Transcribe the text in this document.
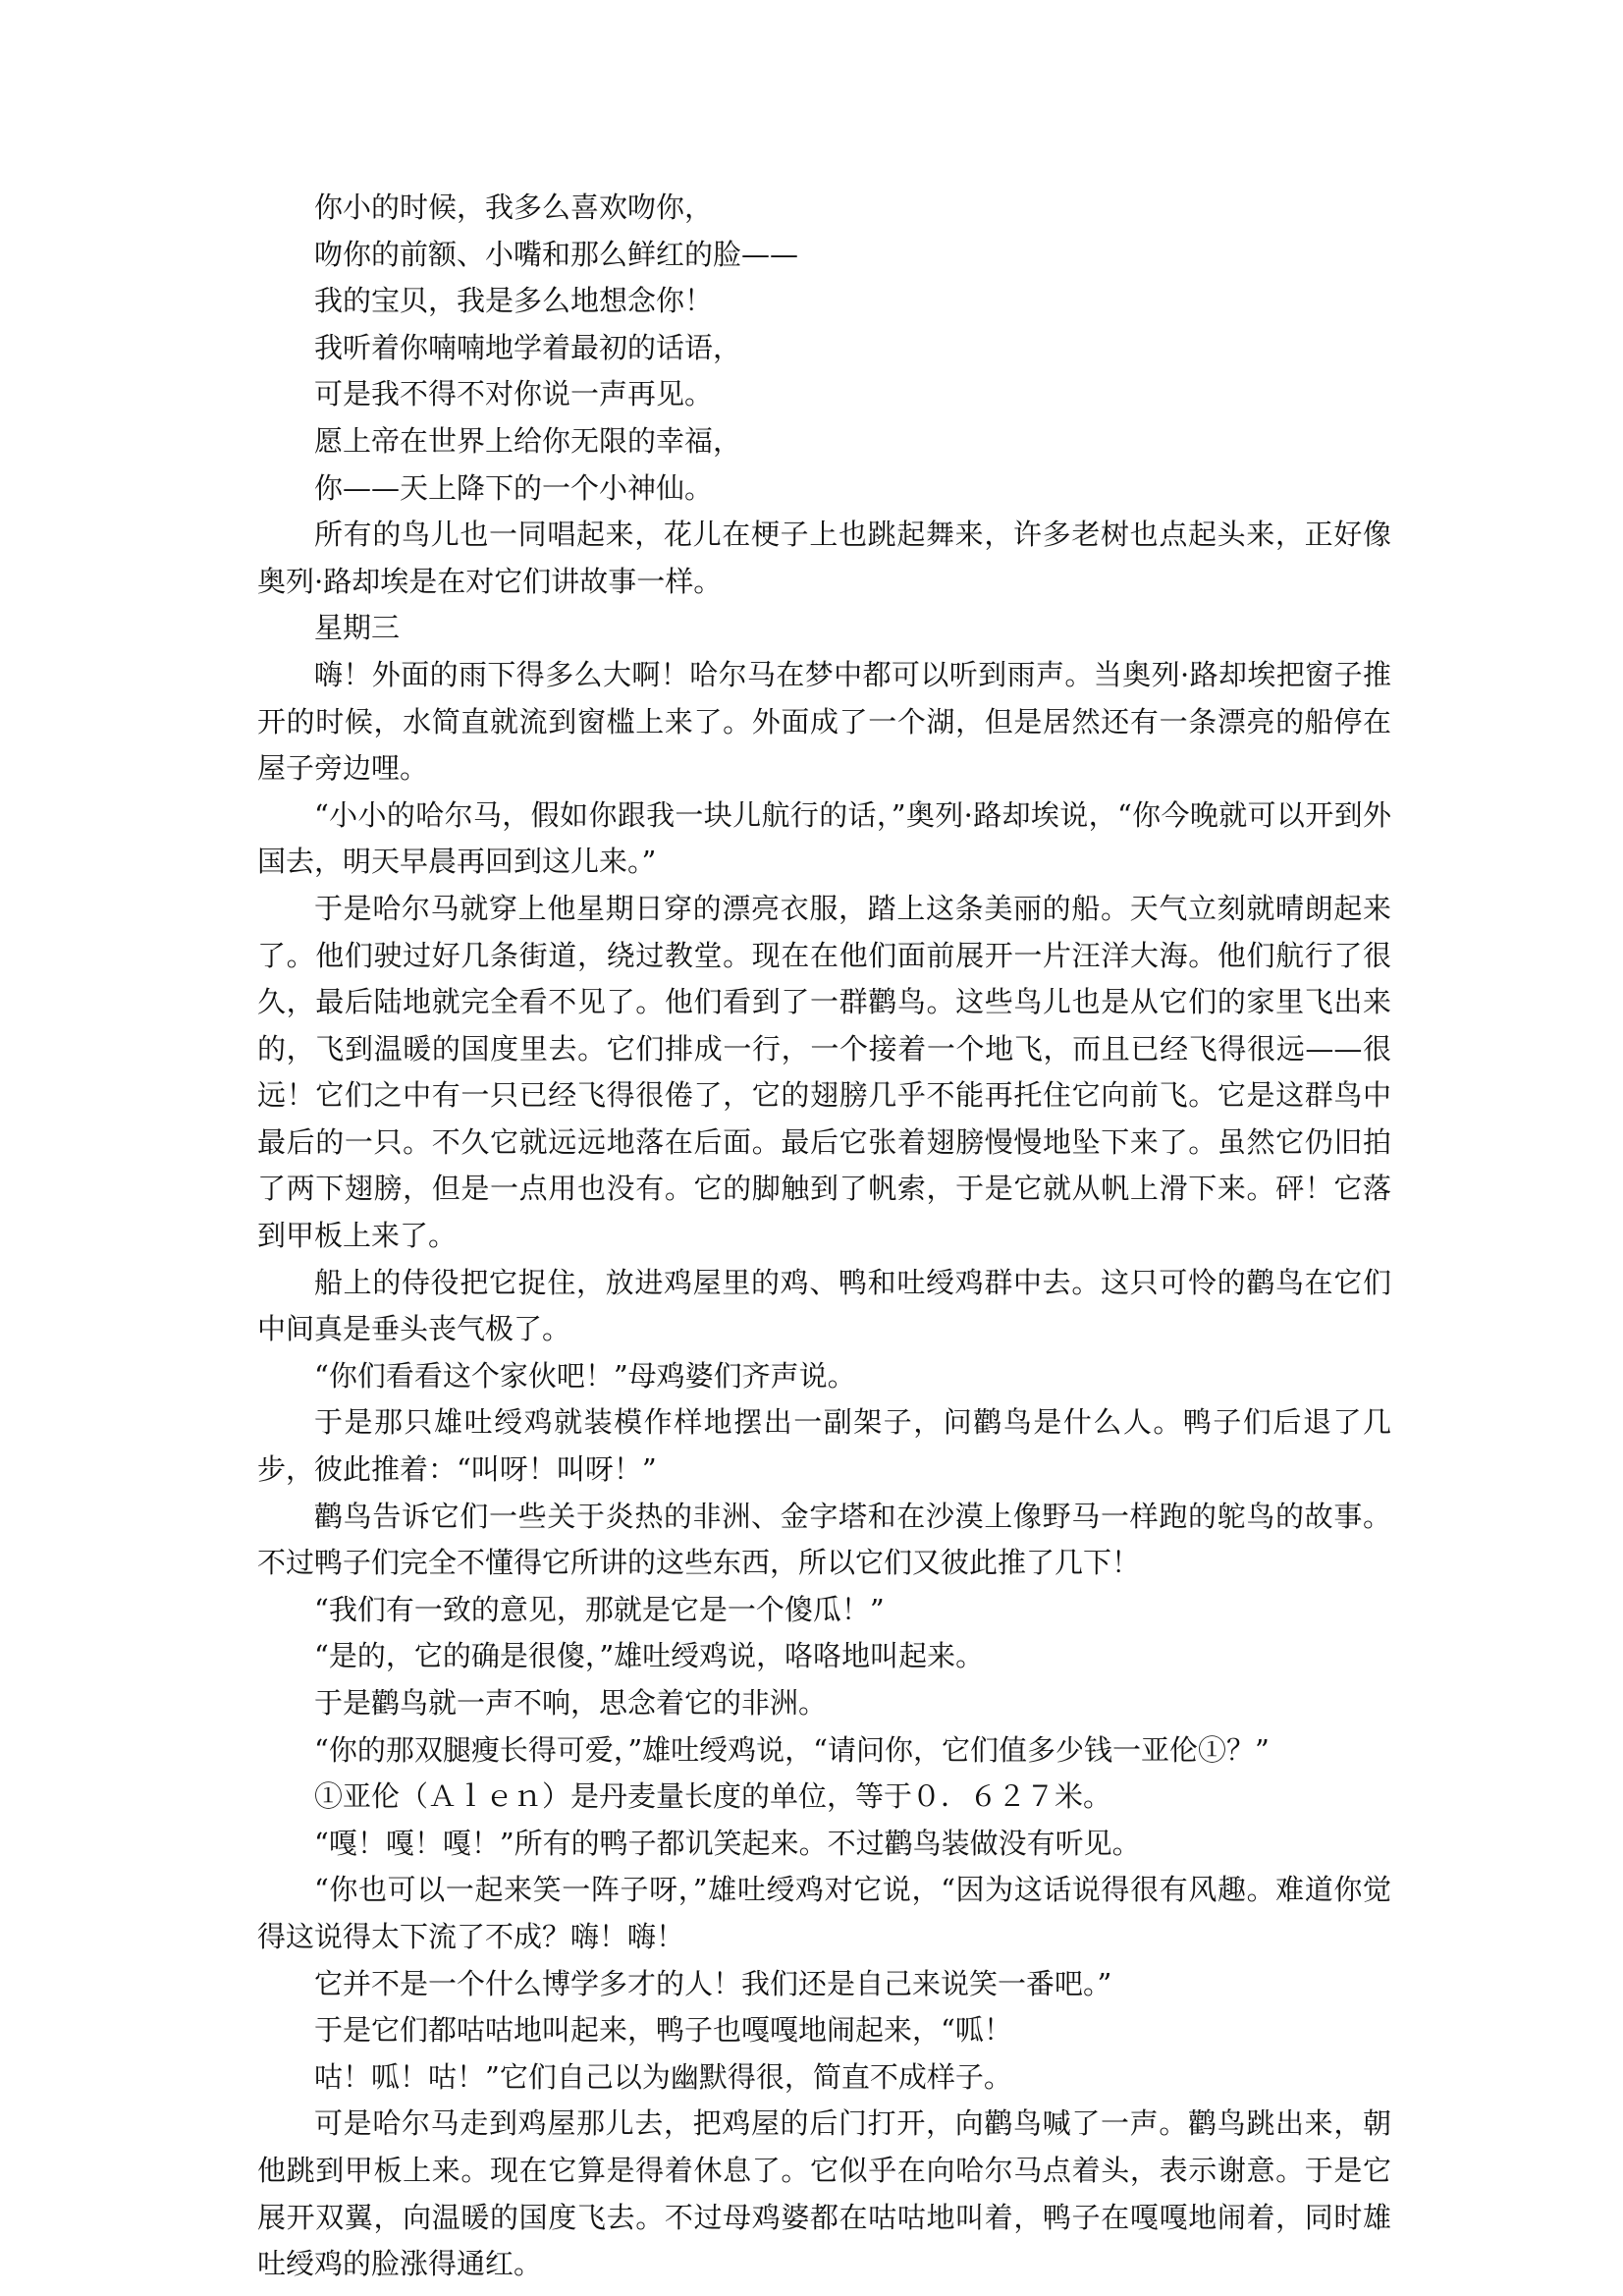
你小的时候，我多么喜欢吻你，

吻你的前额、小嘴和那么鲜红的脸——

我的宝贝，我是多么地想念你！

我听着你喃喃地学着最初的话语，

可是我不得不对你说一声再见。

愿上帝在世界上给你无限的幸福，

你——天上降下的一个小神仙。

所有的鸟儿也一同唱起来，花儿在梗子上也跳起舞来，许多老树也点起头来，正好像奥列·路却埃是在对它们讲故事一样。

星期三

嗨！外面的雨下得多么大啊！哈尔马在梦中都可以听到雨声。当奥列·路却埃把窗子推开的时候，水简直就流到窗槛上来了。外面成了一个湖，但是居然还有一条漂亮的船停在屋子旁边哩。

“小小的哈尔马，假如你跟我一块儿航行的话，”奥列·路却埃说，“你今晚就可以开到外国去，明天早晨再回到这儿来。”

于是哈尔马就穿上他星期日穿的漂亮衣服，踏上这条美丽的船。天气立刻就晴朗起来了。他们驶过好几条街道，绕过教堂。现在在他们面前展开一片汪洋大海。他们航行了很久，最后陆地就完全看不见了。他们看到了一群鹳鸟。这些鸟儿也是从它们的家里飞出来的，飞到温暖的国度里去。它们排成一行，一个接着一个地飞，而且已经飞得很远——很远！它们之中有一只已经飞得很倦了，它的翅膀几乎不能再托住它向前飞。它是这群鸟中最后的一只。不久它就远远地落在后面。最后它张着翅膀慢慢地坠下来了。虽然它仍旧拍了两下翅膀，但是一点用也没有。它的脚触到了帆索，于是它就从帆上滑下来。砰！它落到甲板上来了。

船上的侍役把它捉住，放进鸡屋里的鸡、鸭和吐绶鸡群中去。这只可怜的鹳鸟在它们中间真是垂头丧气极了。

“你们看看这个家伙吧！”母鸡婆们齐声说。

于是那只雄吐绶鸡就装模作样地摆出一副架子，问鹳鸟是什么人。鸭子们后退了几步，彼此推着：“叫呀！叫呀！”

鹳鸟告诉它们一些关于炎热的非洲、金字塔和在沙漠上像野马一样跑的鸵鸟的故事。不过鸭子们完全不懂得它所讲的这些东西，所以它们又彼此推了几下！

“我们有一致的意见，那就是它是一个傻瓜！”

“是的，它的确是很傻，”雄吐绶鸡说，咯咯地叫起来。

于是鹳鸟就一声不响，思念着它的非洲。

“你的那双腿瘦长得可爱，”雄吐绶鸡说，“请问你，它们值多少钱一亚伦①？”

①亚伦（Ａｌｅｎ）是丹麦量长度的单位，等于０．６２７米。

“嘎！嘎！嘎！”所有的鸭子都讥笑起来。不过鹳鸟装做没有听见。

“你也可以一起来笑一阵子呀，”雄吐绶鸡对它说，“因为这话说得很有风趣。难道你觉得这说得太下流了不成？嗨！嗨！

它并不是一个什么博学多才的人！我们还是自己来说笑一番吧。”

于是它们都咕咕地叫起来，鸭子也嘎嘎地闹起来，“呱！

咕！呱！咕！”它们自己以为幽默得很，简直不成样子。

可是哈尔马走到鸡屋那儿去，把鸡屋的后门打开，向鹳鸟喊了一声。鹳鸟跳出来，朝他跳到甲板上来。现在它算是得着休息了。它似乎在向哈尔马点着头，表示谢意。于是它展开双翼，向温暖的国度飞去。不过母鸡婆都在咕咕地叫着，鸭子在嘎嘎地闹着，同时雄吐绶鸡的脸涨得通红。
